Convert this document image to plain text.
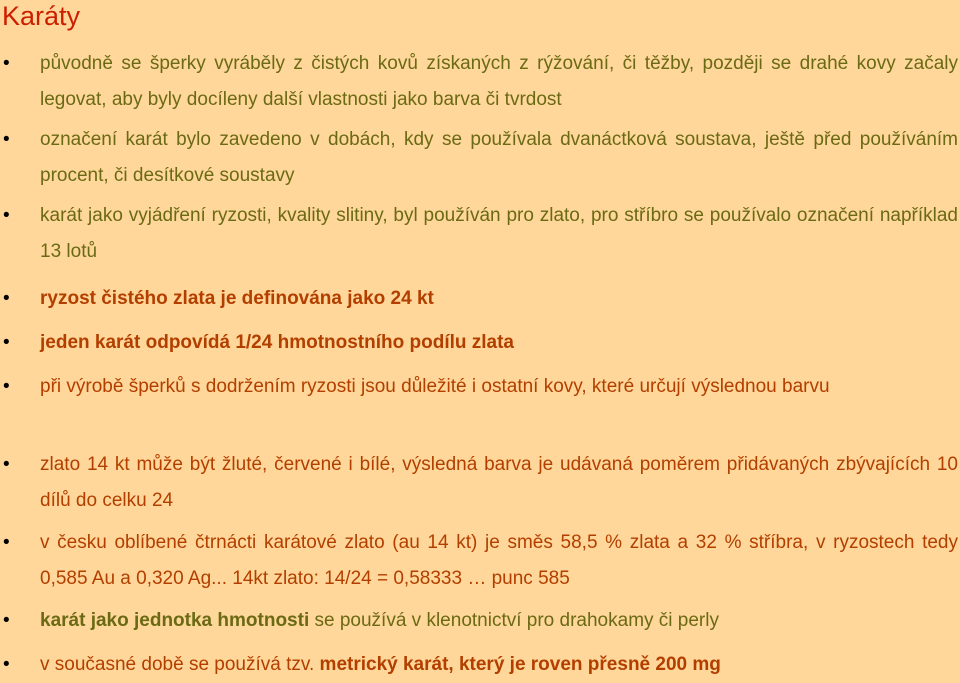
Karáty
• původně se šperky vyráběly z čistých kovů získaných z rýžování, či těžby, později se drahé kovy začaly legovat, aby byly docíleny další vlastnosti jako barva či tvrdost
• označení karát bylo zavedeno v dobách, kdy se používala dvanáctková soustava, ještě před používáním procent, či desítkové soustavy
• karát jako vyjádření ryzosti, kvality slitiny, byl používán pro zlato, pro stříbro se používalo označení například 13 lotů
• ryzost čistého zlata je definována jako 24 kt
• jeden karát odpovídá 1/24 hmotnostního podílu zlata
• při výrobě šperků s dodržením ryzosti jsou důležité i ostatní kovy, které určují výslednou barvu
• zlato 14 kt může být žluté, červené i bílé, výsledná barva je udávaná poměrem přidávaných zbývajících 10 dílů do celku 24
• v česku oblíbené čtrnácti karátové zlato (au 14 kt) je směs 58,5 % zlata a 32 % stříbra, v ryzostech tedy 0,585 Au a 0,320 Ag... 14kt zlato: 14/24 = 0,58333 … punc 585
• karát jako jednotka hmotnosti se používá v klenotnictví pro drahokamy či perly
• v současné době se používá tzv. metrický karát, který je roven přesně 200 mg
